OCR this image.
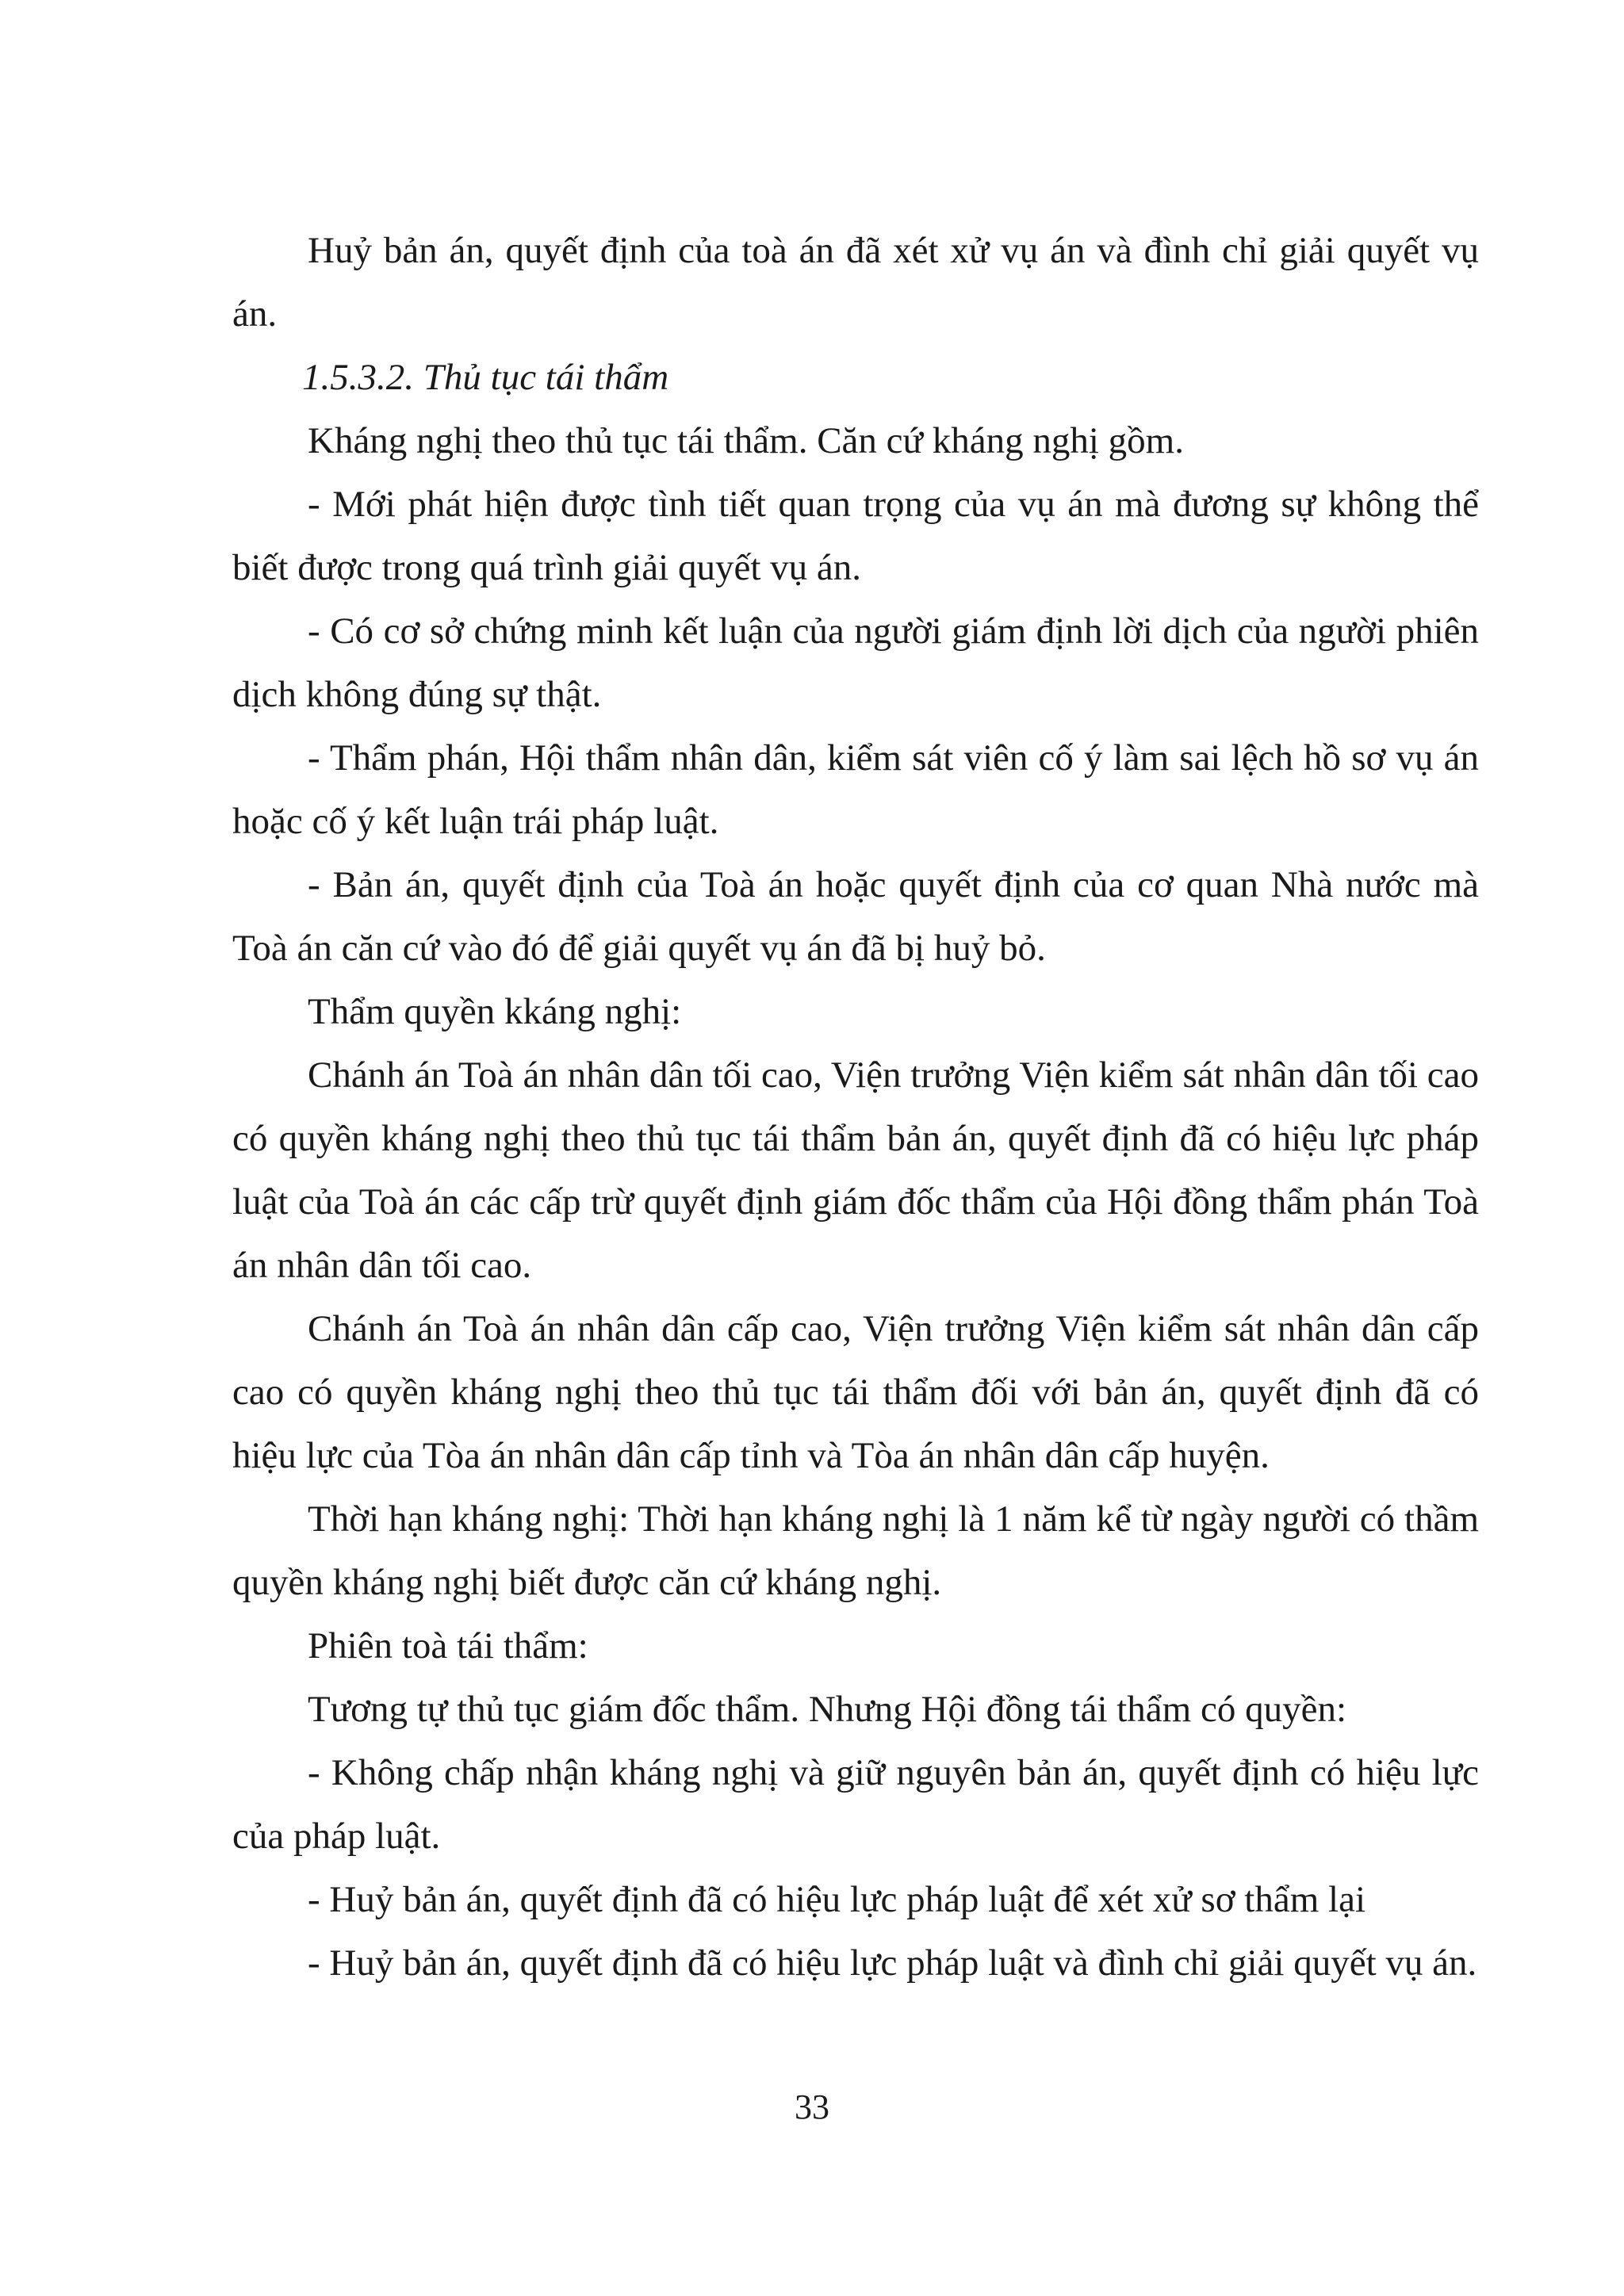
Huỷ bản án, quyết định của toà án đã xét xử vụ án và đình chỉ giải quyết vụ án.

1.5.3.2. Thủ tục tái thẩm

Kháng nghị theo thủ tục tái thẩm. Căn cứ kháng nghị gồm.

- Mới phát hiện được tình tiết quan trọng của vụ án mà đương sự không thể biết được trong quá trình giải quyết vụ án.

- Có cơ sở chứng minh kết luận của người giám định lời dịch của người phiên dịch không đúng sự thật.

- Thẩm phán, Hội thẩm nhân dân, kiểm sát viên cố ý làm sai lệch hồ sơ vụ án hoặc cố ý kết luận trái pháp luật.

- Bản án, quyết định của Toà án hoặc quyết định của cơ quan Nhà nước mà Toà án căn cứ vào đó để giải quyết vụ án đã bị huỷ bỏ.

Thẩm quyền kkáng nghị:

Chánh án Toà án nhân dân tối cao, Viện trưởng Viện kiểm sát nhân dân tối cao có quyền kháng nghị theo thủ tục tái thẩm bản án, quyết định đã có hiệu lực pháp luật của Toà án các cấp trừ quyết định giám đốc thẩm của Hội đồng thẩm phán Toà án nhân dân tối cao.

Chánh án Toà án nhân dân cấp cao, Viện trưởng Viện kiểm sát nhân dân cấp cao có quyền kháng nghị theo thủ tục tái thẩm đối với bản án, quyết định đã có hiệu lực của Tòa án nhân dân cấp tỉnh và Tòa án nhân dân cấp huyện.

Thời hạn kháng nghị: Thời hạn kháng nghị là 1 năm kể từ ngày người có thầm quyền kháng nghị biết được căn cứ kháng nghị.

Phiên toà tái thẩm:

Tương tự thủ tục giám đốc thẩm. Nhưng Hội đồng tái thẩm có quyền:

- Không chấp nhận kháng nghị và giữ nguyên bản án, quyết định có hiệu lực của pháp luật.

- Huỷ bản án, quyết định đã có hiệu lực pháp luật để xét xử sơ thẩm lại

- Huỷ bản án, quyết định đã có hiệu lực pháp luật và đình chỉ giải quyết vụ án.

33
